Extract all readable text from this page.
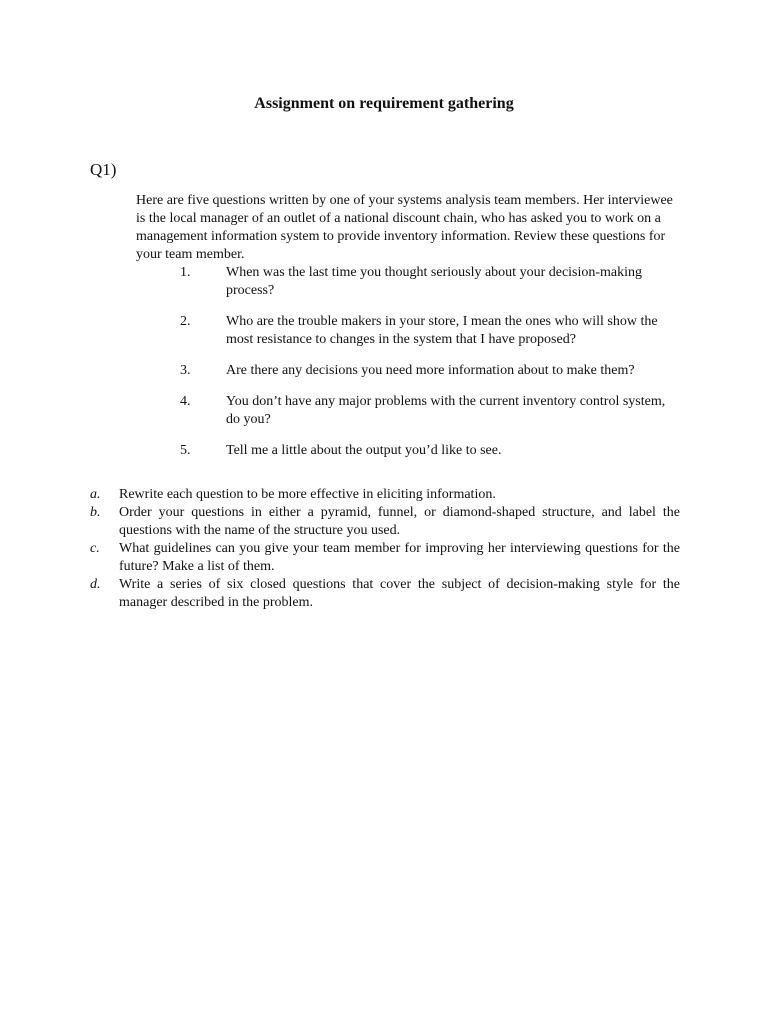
Assignment on requirement gathering
Q1)

Here are five questions written by one of your systems analysis team members. Her interviewee is the local manager of an outlet of a national discount chain, who has asked you to work on a management information system to provide inventory information. Review these questions for your team member.

1.	When was the last time you thought seriously about your decision-making process?
2.	Who are the trouble makers in your store, I mean the ones who will show the most resistance to changes in the system that I have proposed?
3.	Are there any decisions you need more information about to make them?
4.	You don’t have any major problems with the current inventory control system, do you?
5.	Tell me a little about the output you’d like to see.
a. Rewrite each question to be more effective in eliciting information.
b. Order your questions in either a pyramid, funnel, or diamond-shaped structure, and label the questions with the name of the structure you used.
c. What guidelines can you give your team member for improving her interviewing questions for the future? Make a list of them.
d. Write a series of six closed questions that cover the subject of decision-making style for the manager described in the problem.
